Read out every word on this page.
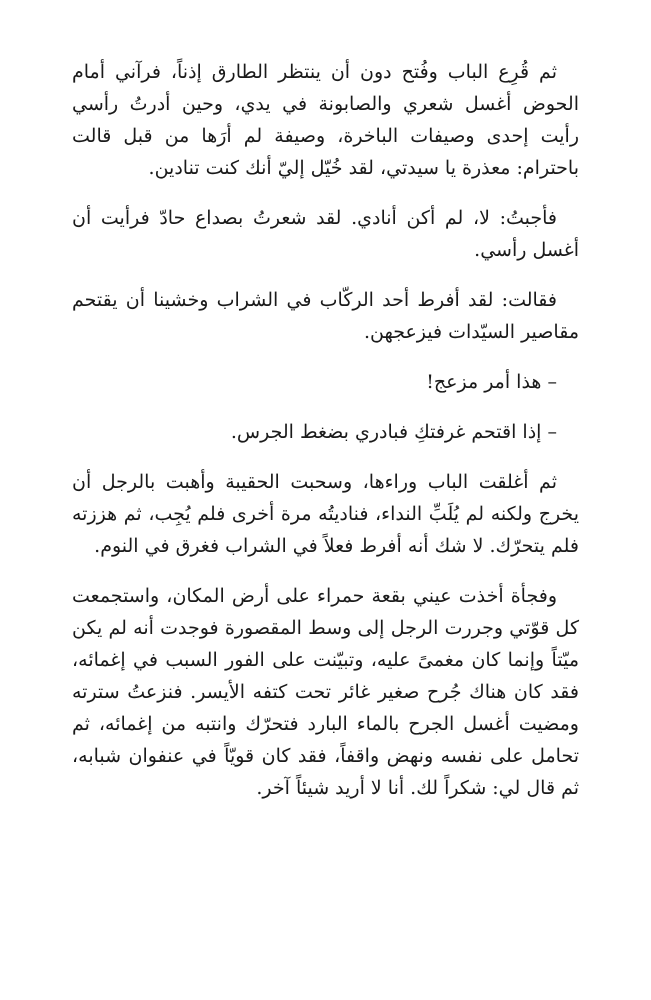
ثم قُرِع الباب وفُتح دون أن ينتظر الطارق إذناً، فرآني أمام الحوض أغسل شعري والصابونة في يدي، وحين أدرتُ رأسي رأيت إحدى وصيفات الباخرة، وصيفة لم أرَها من قبل قالت باحترام: معذرة يا سيدتي، لقد خُيّل إليّ أنك كنت تنادين.

فأجبتُ: لا، لم أكن أنادي. لقد شعرتُ بصداع حادّ فرأيت أن أغسل رأسي.

فقالت: لقد أفرط أحد الركّاب في الشراب وخشينا أن يقتحم مقاصير السيّدات فيزعجهن.

– هذا أمر مزعج!

– إذا اقتحم غرفتكِ فبادري بضغط الجرس.

ثم أغلقت الباب وراءها، وسحبت الحقيبة وأهبت بالرجل أن يخرج ولكنه لم يُلَبِّ النداء، فناديتُه مرة أخرى فلم يُجِب، ثم هززته فلم يتحرّك. لا شك أنه أفرط فعلاً في الشراب فغرق في النوم.

وفجأة أخذت عيني بقعة حمراء على أرض المكان، واستجمعت كل قوّتي وجررت الرجل إلى وسط المقصورة فوجدت أنه لم يكن ميّتاً وإنما كان مغمىً عليه، وتبيّنت على الفور السبب في إغمائه، فقد كان هناك جُرح صغير غائر تحت كتفه الأيسر. فنزعتُ سترته ومضيت أغسل الجرح بالماء البارد فتحرّك وانتبه من إغمائه، ثم تحامل على نفسه ونهض واقفاً، فقد كان قويّاً في عنفوان شبابه، ثم قال لي: شكراً لك. أنا لا أريد شيئاً آخر.
